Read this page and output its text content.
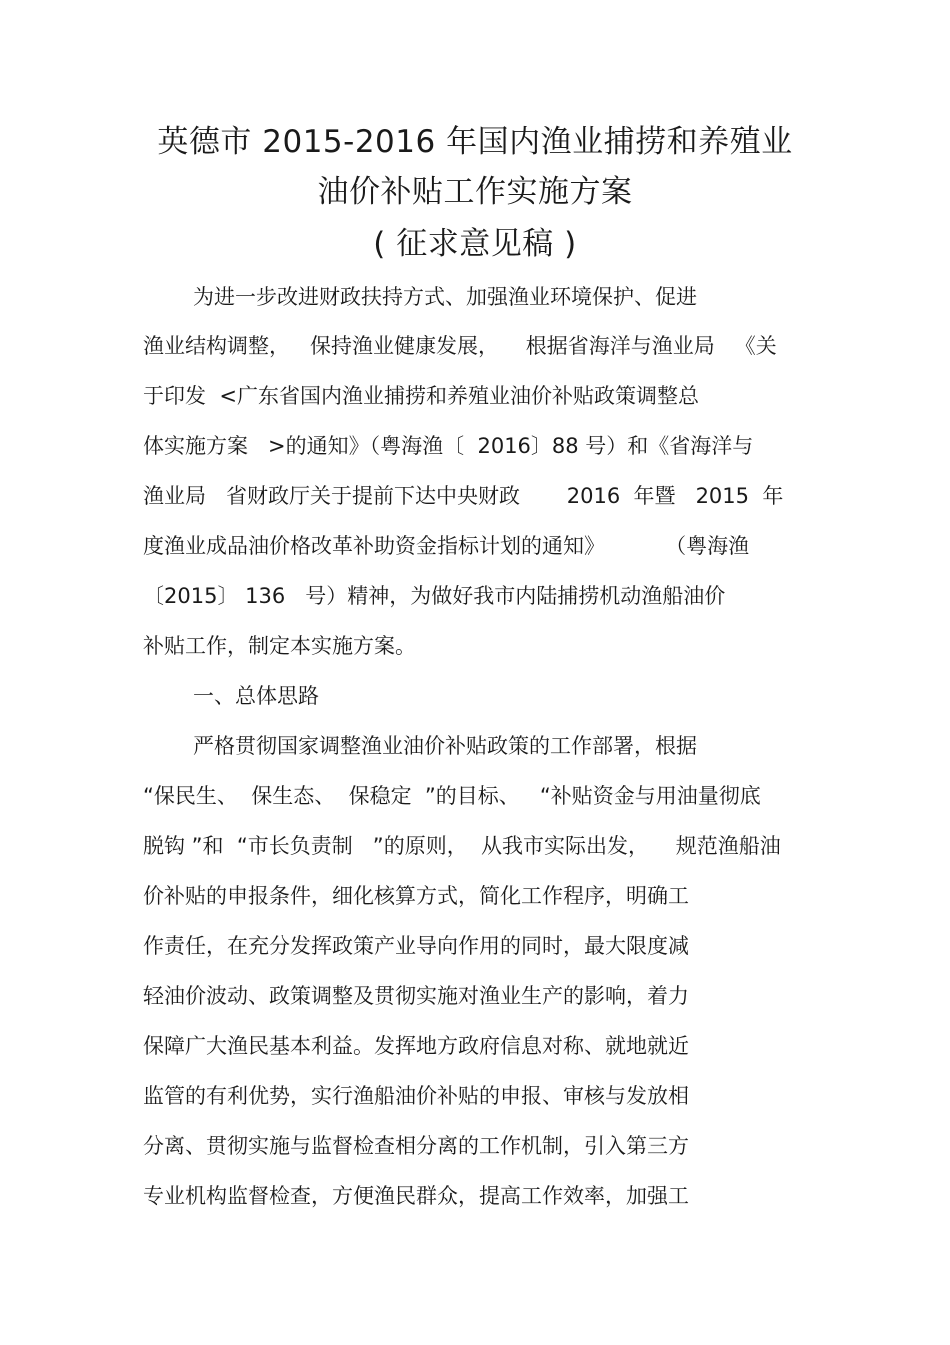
英德市 2015-2016 年国内渔业捕捞和养殖业
油价补贴工作实施方案
( 征求意见稿 )
为进一步改进财政扶持方式、加强渔业环境保护、促进
渔业结构调整，   保持渔业健康发展，    根据省海洋与渔业局   《关
于印发  <广东省国内渔业捕捞和养殖业油价补贴政策调整总
体实施方案   >的通知》（粤海渔〔  2016〕88 号）和《省海洋与
渔业局   省财政厅关于提前下达中央财政       2016  年暨   2015  年
度渔业成品油价格改革补助资金指标计划的通知》         （粤海渔
〔2015〕 136   号）精神，为做好我市内陆捕捞机动渔船油价
补贴工作，制定本实施方案。
一、总体思路
严格贯彻国家调整渔业油价补贴政策的工作部署，根据
“保民生、  保生态、  保稳定  ”的目标、   “补贴资金与用油量彻底
脱钩 ”和  “市长负责制   ”的原则，  从我市实际出发，    规范渔船油
价补贴的申报条件，细化核算方式，简化工作程序，明确工
作责任，在充分发挥政策产业导向作用的同时，最大限度减
轻油价波动、政策调整及贯彻实施对渔业生产的影响，着力
保障广大渔民基本利益。发挥地方政府信息对称、就地就近
监管的有利优势，实行渔船油价补贴的申报、审核与发放相
分离、贯彻实施与监督检查相分离的工作机制，引入第三方
专业机构监督检查，方便渔民群众，提高工作效率，加强工
